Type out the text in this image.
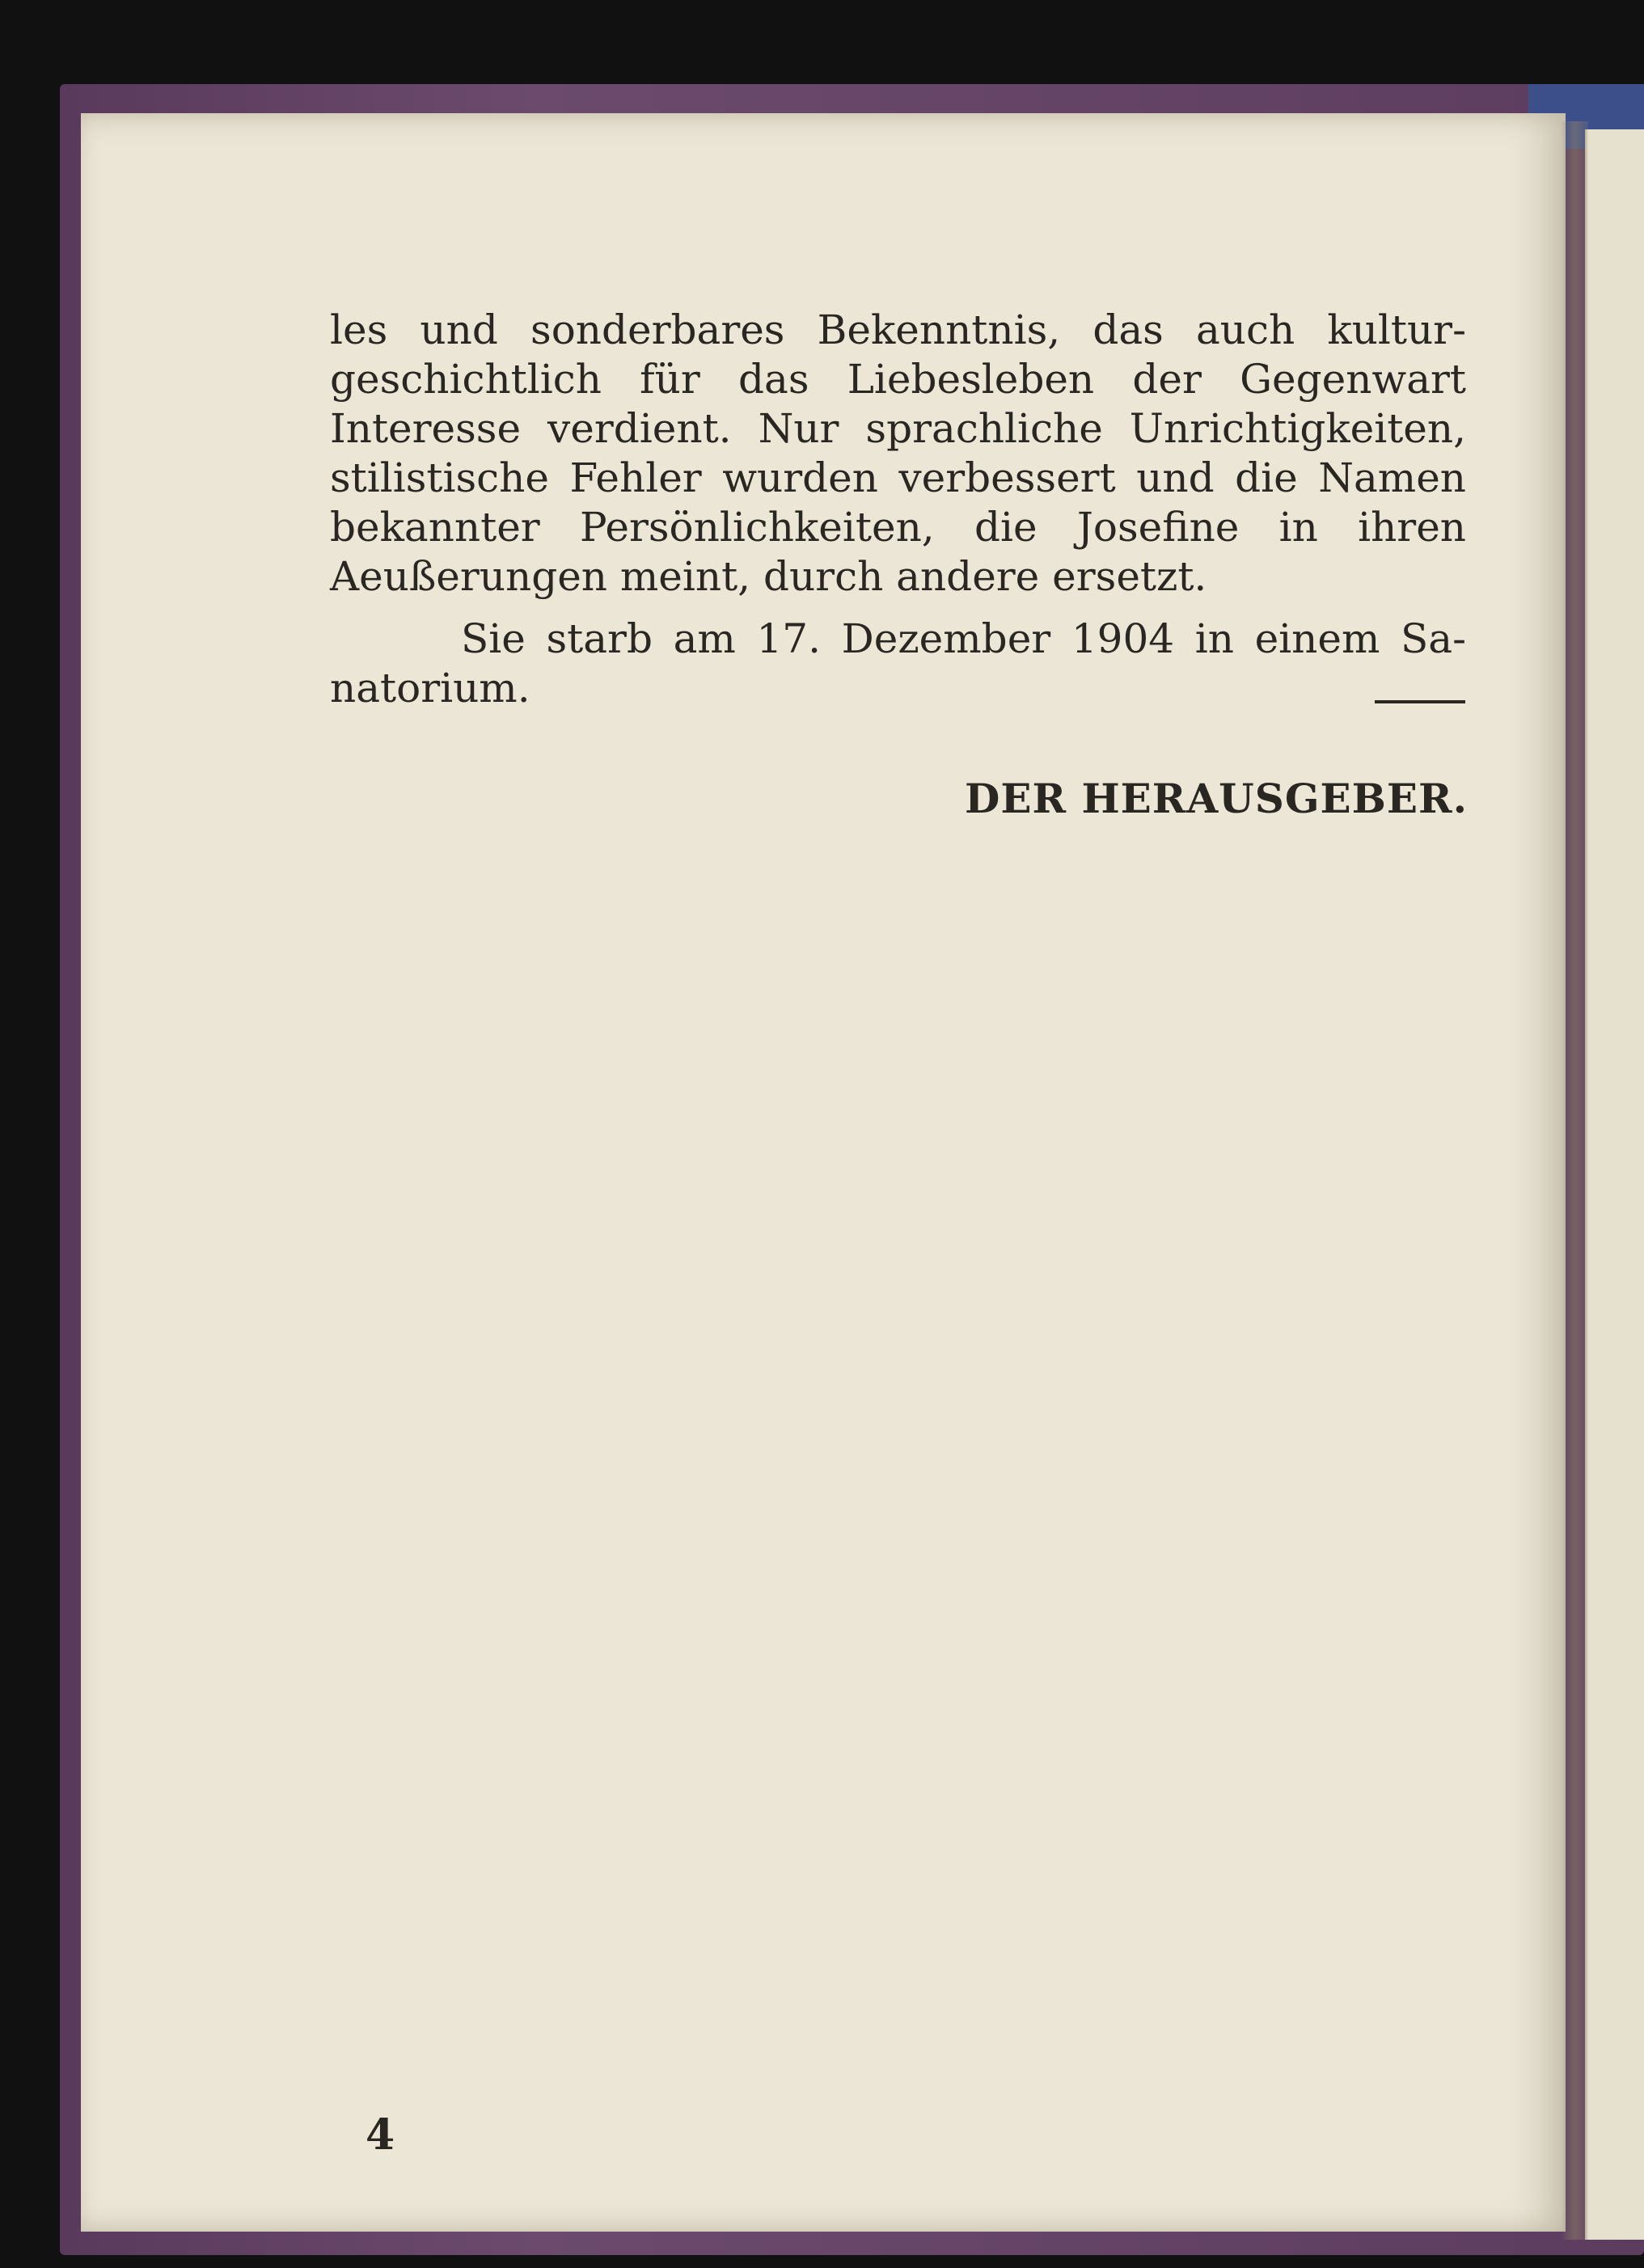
les und sonderbares Bekenntnis, das auch kulturgeschichtlich für das Liebesleben der Gegenwart Interesse verdient. Nur sprachliche Unrichtigkeiten, stilistische Fehler wurden verbessert und die Namen bekannter Persönlichkeiten, die Josefine in ihren Aeußerungen meint, durch andere ersetzt.

Sie starb am 17. Dezember 1904 in einem Sanatorium.

DER HERAUSGEBER.
4
